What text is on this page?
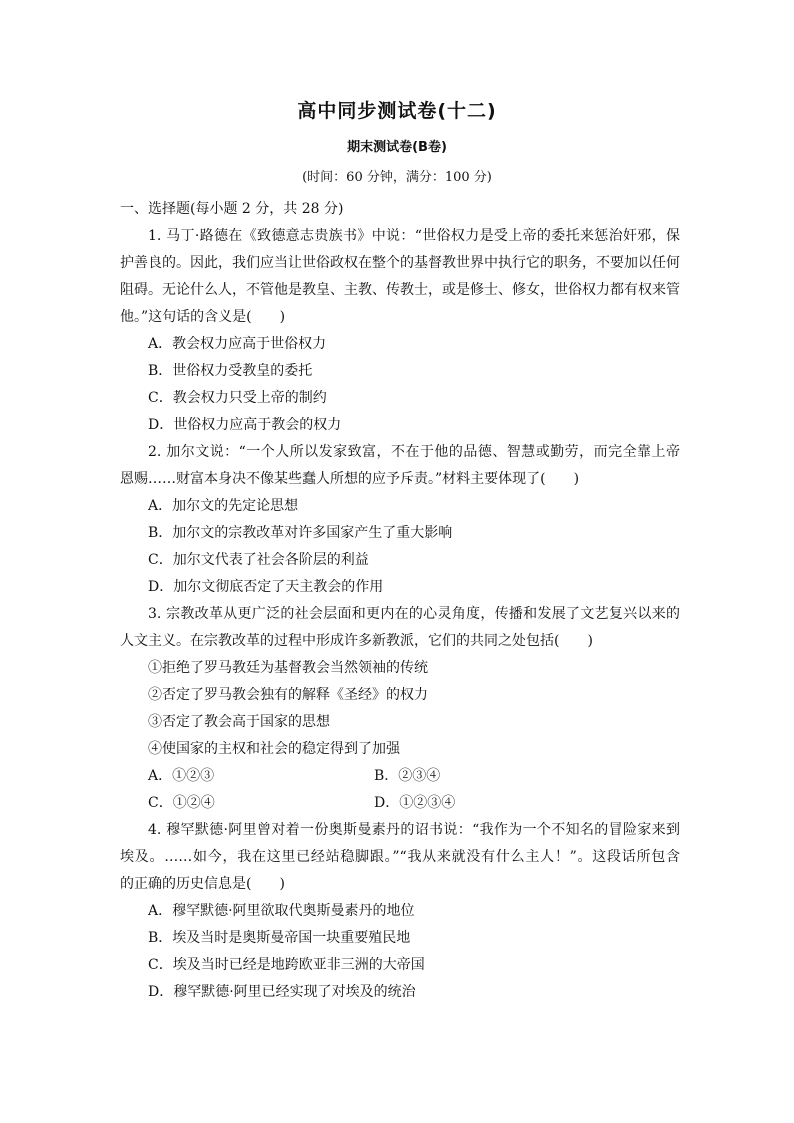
高中同步测试卷(十二)
期末测试卷(B卷)
(时间：60 分钟，满分：100 分)
一、选择题(每小题 2 分，共 28 分)
1. 马丁·路德在《致德意志贵族书》中说：“世俗权力是受上帝的委托来惩治奸邪，保
护善良的。因此，我们应当让世俗政权在整个的基督教世界中执行它的职务，不要加以任何
阻碍。无论什么人，不管他是教皇、主教、传教士，或是修士、修女，世俗权力都有权来管
他。”这句话的含义是(　　)
A．教会权力应高于世俗权力
B．世俗权力受教皇的委托
C．教会权力只受上帝的制约
D．世俗权力应高于教会的权力
2. 加尔文说：“一个人所以发家致富，不在于他的品德、智慧或勤劳，而完全靠上帝
恩赐……财富本身决不像某些蠢人所想的应予斥责。”材料主要体现了(　　)
A．加尔文的先定论思想
B．加尔文的宗教改革对许多国家产生了重大影响
C．加尔文代表了社会各阶层的利益
D．加尔文彻底否定了天主教会的作用
3. 宗教改革从更广泛的社会层面和更内在的心灵角度，传播和发展了文艺复兴以来的
人文主义。在宗教改革的过程中形成许多新教派，它们的共同之处包括(　　)
①拒绝了罗马教廷为基督教会当然领袖的传统
②否定了罗马教会独有的解释《圣经》的权力
③否定了教会高于国家的思想
④使国家的主权和社会的稳定得到了加强
A．①②③	B．②③④
C．①②④	D．①②③④
4. 穆罕默德·阿里曾对着一份奥斯曼素丹的诏书说：“我作为一个不知名的冒险家来到
埃及。……如今，我在这里已经站稳脚跟。”“我从来就没有什么主人！”。这段话所包含
的正确的历史信息是(　　)
A．穆罕默德·阿里欲取代奥斯曼素丹的地位
B．埃及当时是奥斯曼帝国一块重要殖民地
C．埃及当时已经是地跨欧亚非三洲的大帝国
D．穆罕默德·阿里已经实现了对埃及的统治
